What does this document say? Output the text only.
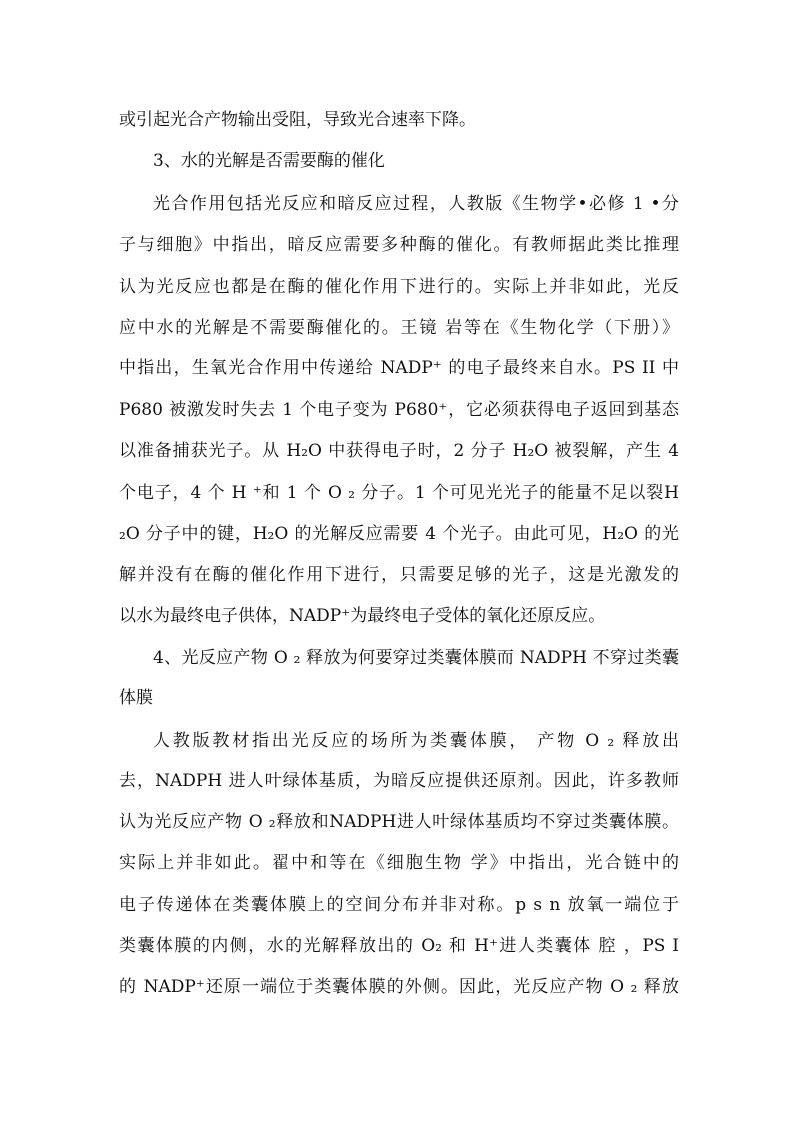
或引起光合产物输出受阻，导致光合速率下降。
3、水的光解是否需要酶的催化
光合作用包括光反应和暗反应过程，人教版《生物学•必修 1 •分
子与细胞》中指出，暗反应需要多种酶的催化。有教师据此类比推理
认为光反应也都是在酶的催化作用下进行的。实际上并非如此，光反
应中水的光解是不需要酶催化的。王镜 岩等在《生物化学（下册）》
中指出，生氧光合作用中传递给 NADP⁺ 的电子最终来自水。PS II 中
P680 被激发时失去 1 个电子变为 P680⁺，它必须获得电子返回到基态
以准备捕获光子。从 H₂O 中获得电子时，2 分子 H₂O 被裂解，产生 4
个电子，4 个 H ⁺和 1 个 O ₂ 分子。1 个可见光光子的能量不足以裂H
₂O 分子中的键，H₂O 的光解反应需要 4 个光子。由此可见，H₂O 的光
解并没有在酶的催化作用下进行，只需要足够的光子，这是光激发的
以水为最终电子供体，NADP⁺为最终电子受体的氧化还原反应。
4、光反应产物 O ₂ 释放为何要穿过类囊体膜而 NADPH 不穿过类囊
体膜
人教版教材指出光反应的场所为类囊体膜， 产物 O ₂ 释放出
去，NADPH 进人叶绿体基质，为暗反应提供还原剂。因此，许多教师
认为光反应产物 O ₂释放和NADPH进人叶绿体基质均不穿过类囊体膜。
实际上并非如此。翟中和等在《细胞生物 学》中指出，光合链中的
电子传递体在类囊体膜上的空间分布并非对称。p s n 放氧一端位于
类囊体膜的内侧，水的光解释放出的 O₂ 和 H⁺进人类囊体 腔 ，PS I
的 NADP⁺还原一端位于类囊体膜的外侧。因此，光反应产物 O ₂ 释放
